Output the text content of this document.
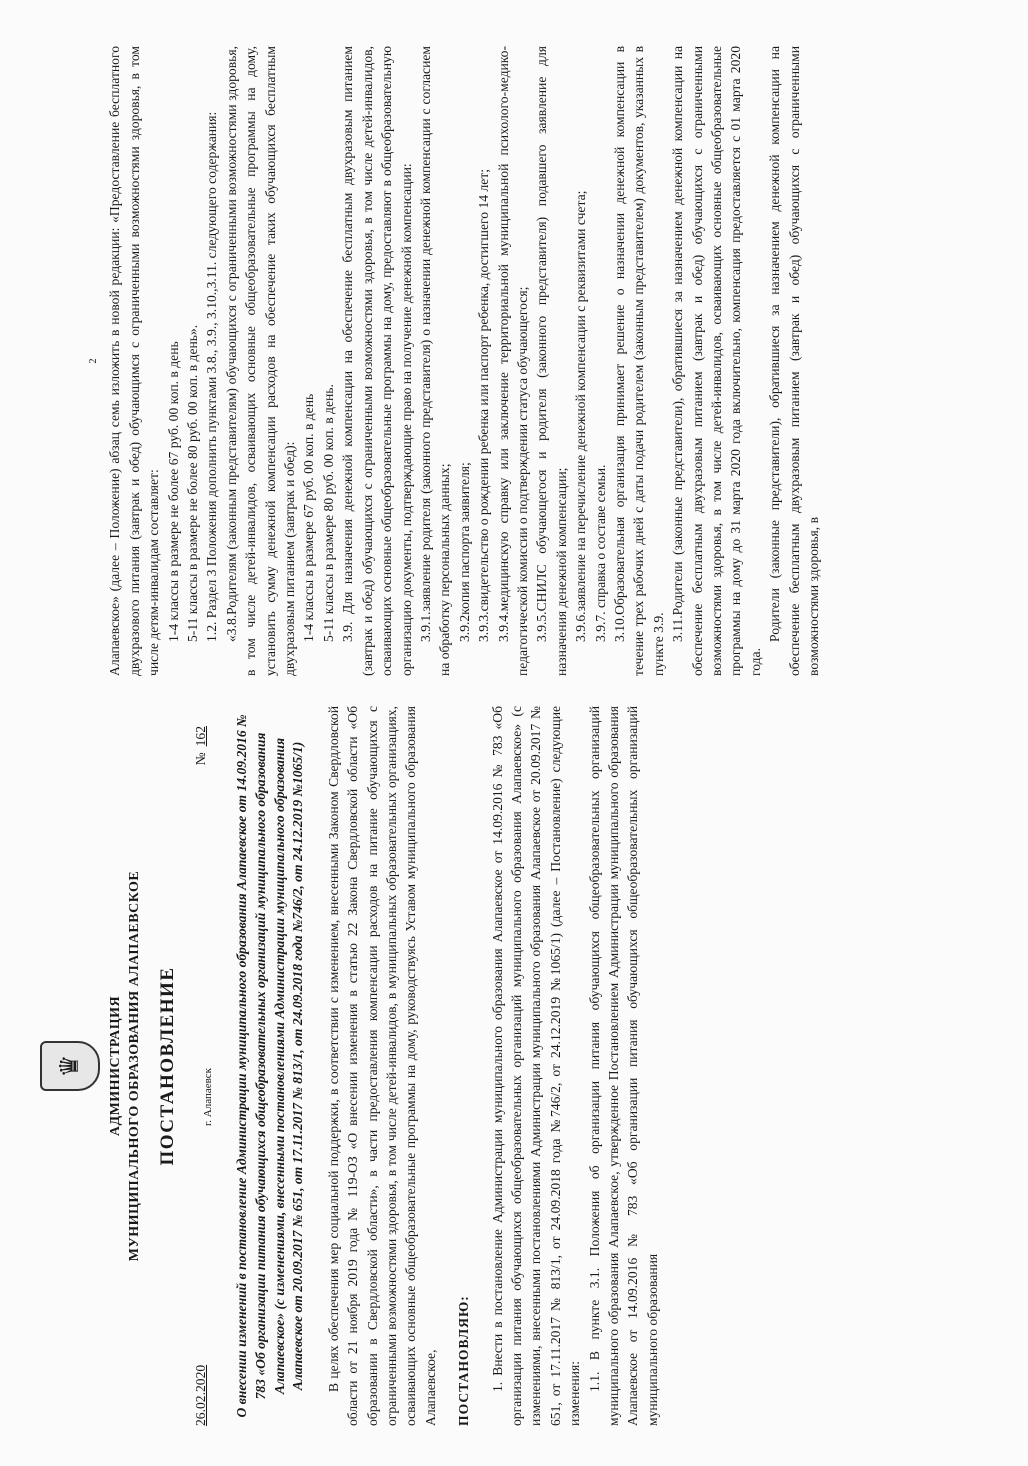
♛	АДМИНИСТРАЦИЯ МУНИЦИПАЛЬНОГО ОБРАЗОВАНИЯ АЛАПАЕВСКОЕ ПОСТАНОВЛЕНИЕ
26.02.2020
г. Алапаевск
№162 О внесении изменений в постановление Администрации муниципального образования Алапаевское от 14.09.2016 № 783 «Об организации питания обучающихся общеобразовательных организаций муниципального образования Алапаевское» (с изменениями, внесенными постановлениями Администрации муниципального образования Алапаевское от 20.09.2017 № 651, от 17.11.2017 № 813/1, от 24.09.2018 года №746/2, от 24.12.2019 №1065/1) В целях обеспечения мер социальной поддержки, в соответствии с изменением, внесенными Законом Свердловской области от 21 ноября 2019 года № 119-ОЗ «О внесении изменения в статью 22 Закона Свердловской области «Об образовании в Свердловской области», в части предоставления компенсации расходов на питание обучающихся с ограниченными возможностями здоровья, в том числе детей-инвалидов, в муниципальных образовательных организациях, осваивающих основные общеобразовательные программы на дому, руководствуясь Уставом муниципального образования Алапаевское, ПОСТАНОВЛЯЮ: 1. Внести в постановление Администрации муниципального образования Алапаевское от 14.09.2016 № 783 «Об организации питания обучающихся общеобразовательных организаций муниципального образования Алапаевское» (с изменениями, внесенными постановлениями Администрации муниципального образования Алапаевское от 20.09.2017 № 651, от 17.11.2017 № 813/1, от 24.09.2018 года №746/2, от 24.12.2019 №1065/1) (далее – Постановление) следующие изменения:

1.1. В пункте 3.1. Положения об организации питания обучающихся общеобразовательных организаций муниципального образования Алапаевское, утвержденное Постановлением Администрации муниципального образования Алапаевское от 14.09.2016 № 783 «Об организации питания обучающихся общеобразовательных организаций муниципального образования

2 Алапаевское» (далее – Положение) абзац семь изложить в новой редакции: «Предоставление бесплатного двухразового питания (завтрак и обед) обучающимся с ограниченными возможностями здоровья, в том числе детям-инвалидам составляет: 1-4 классы в размере не более 67 руб. 00 коп. в день 5-11 классы в размере не более 80 руб. 00 коп. в день». 1.2. Раздел 3 Положения дополнить пунктами 3.8., 3.9., 3.10.,3.11. следующего содержания: «3.8.Родителям (законным представителям) обучающихся с ограниченными возможностями здоровья, в том числе детей-инвалидов, осваивающих основные общеобразовательные программы на дому, установить сумму денежной компенсации расходов на обеспечение таких обучающихся бесплатным двухразовым питанием (завтрак и обед): 1-4 классы в размере 67 руб. 00 коп. в день 5-11 классы в размере 80 руб. 00 коп. в день. 3.9. Для назначения денежной компенсации на обеспечение бесплатным двухразовым питанием (завтрак и обед) обучающихся с ограниченными возможностями здоровья, в том числе детей-инвалидов, осваивающих основные общеобразовательные программы на дому, предоставляют в общеобразовательную организацию документы, подтверждающие право на получение денежной компенсации: 3.9.1.заявление родителя (законного представителя) о назначении денежной компенсации с согласием на обработку персональных данных; 3.9.2копия паспорта заявителя; 3.9.3.свидетельство о рождении ребенка или паспорт ребенка, достигшего 14 лет; 3.9.4.медицинскую справку или заключение территориальной муниципальной психолого-медико-педагогической комиссии о подтверждении статуса обучающегося; 3.9.5.СНИЛС обучающегося и родителя (законного представителя) подавшего заявление для назначения денежной компенсации; 3.9.6.заявление на перечисление денежной компенсации с реквизитами счета; 3.9.7. справка о составе семьи. 3.10.Образовательная организация принимает решение о назначении денежной компенсации в течение трех рабочих дней с даты подачи родителем (законным представителем) документов, указанных в пункте 3.9.

3.11.Родители (законные представители), обратившиеся за назначением денежной компенсации на обеспечение бесплатным двухразовым питанием (завтрак и обед) обучающихся с ограниченными возможностями здоровья, в том числе детей-инвалидов, осваивающих основные общеобразовательные программы на дому до 31 марта 2020 года включительно, компенсация предоставляется с 01 марта 2020 года.

Родители (законные представители), обратившиеся за назначением денежной компенсации на обеспечение бесплатным двухразовым питанием (завтрак и обед) обучающихся с ограниченными возможностями здоровья, в
